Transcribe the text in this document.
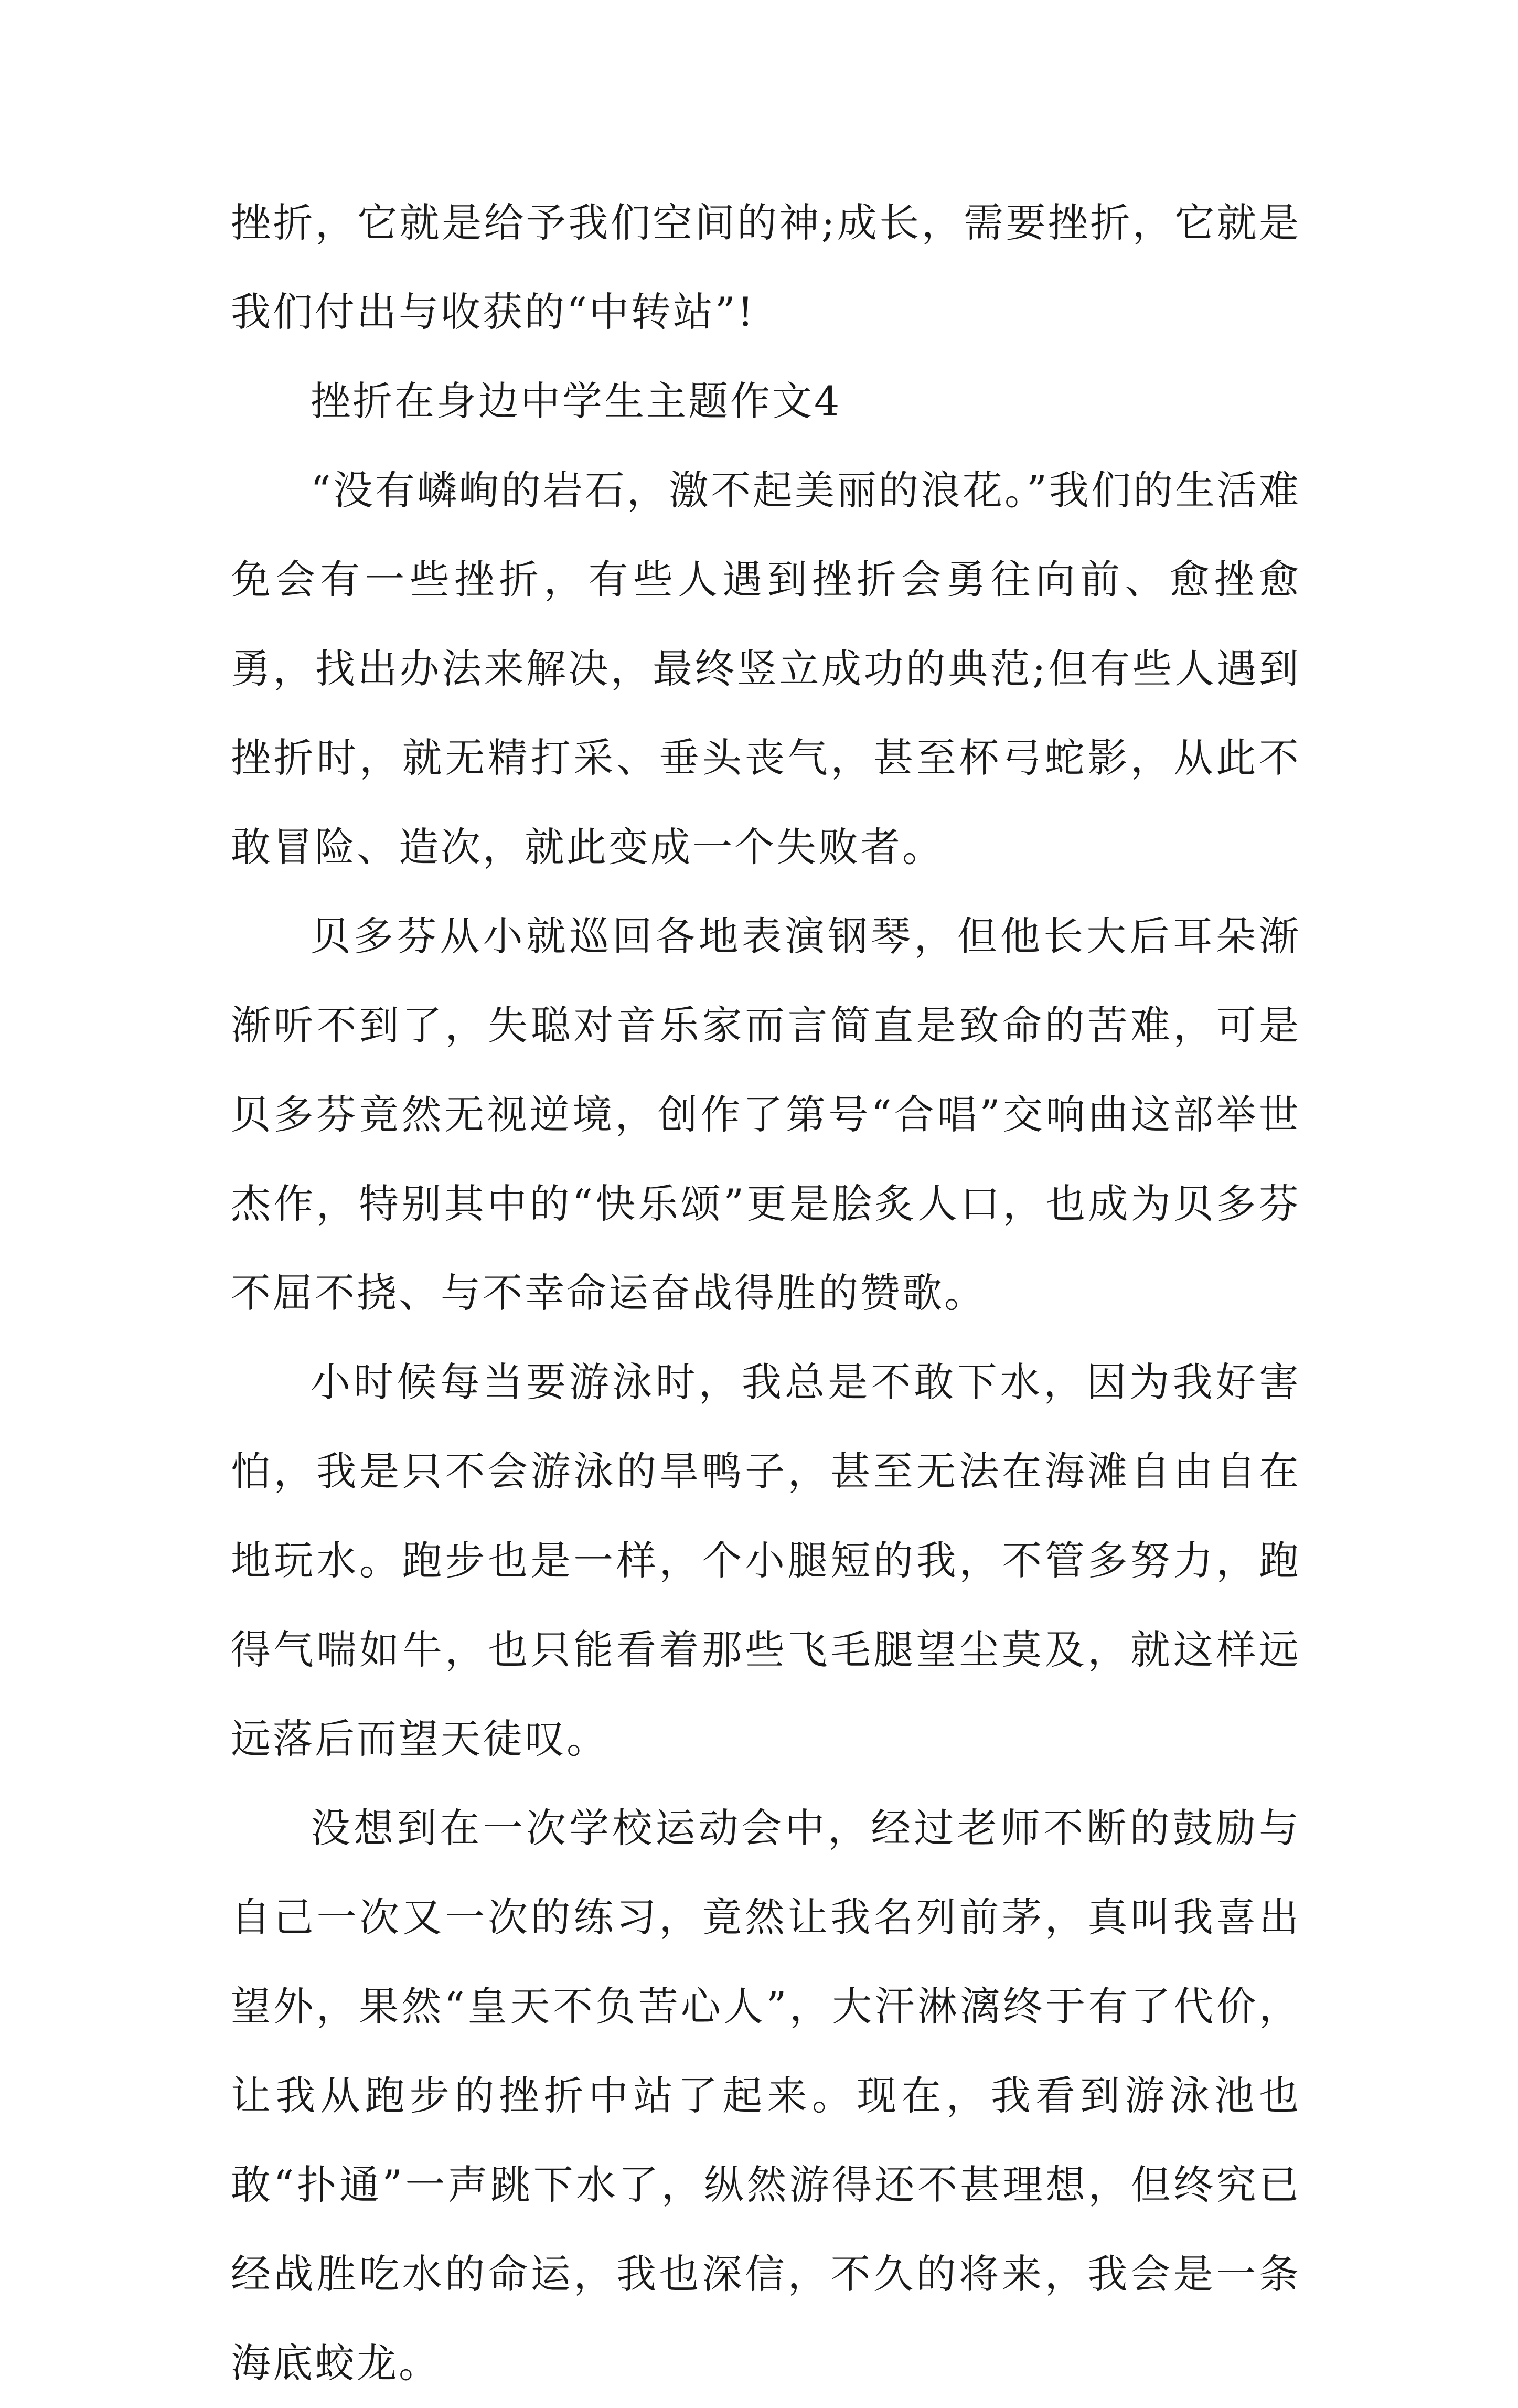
挫折，它就是给予我们空间的神;成长，需要挫折，它就是我们付出与收获的“中转站”!

挫折在身边中学生主题作文4

“没有嶙峋的岩石，激不起美丽的浪花。”我们的生活难免会有一些挫折，有些人遇到挫折会勇往向前、愈挫愈勇，找出办法来解决，最终竖立成功的典范;但有些人遇到挫折时，就无精打采、垂头丧气，甚至杯弓蛇影，从此不敢冒险、造次，就此变成一个失败者。

贝多芬从小就巡回各地表演钢琴，但他长大后耳朵渐渐听不到了，失聪对音乐家而言简直是致命的苦难，可是贝多芬竟然无视逆境，创作了第号“合唱”交响曲这部举世杰作，特别其中的“快乐颂”更是脍炙人口，也成为贝多芬不屈不挠、与不幸命运奋战得胜的赞歌。

小时候每当要游泳时，我总是不敢下水，因为我好害怕，我是只不会游泳的旱鸭子，甚至无法在海滩自由自在地玩水。跑步也是一样，个小腿短的我，不管多努力，跑得气喘如牛，也只能看着那些飞毛腿望尘莫及，就这样远远落后而望天徒叹。

没想到在一次学校运动会中，经过老师不断的鼓励与自己一次又一次的练习，竟然让我名列前茅，真叫我喜出望外，果然“皇天不负苦心人”，大汗淋漓终于有了代价，让我从跑步的挫折中站了起来。现在，我看到游泳池也敢“扑通”一声跳下水了，纵然游得还不甚理想，但终究已经战胜吃水的命运，我也深信，不久的将来，我会是一条海底蛟龙。
